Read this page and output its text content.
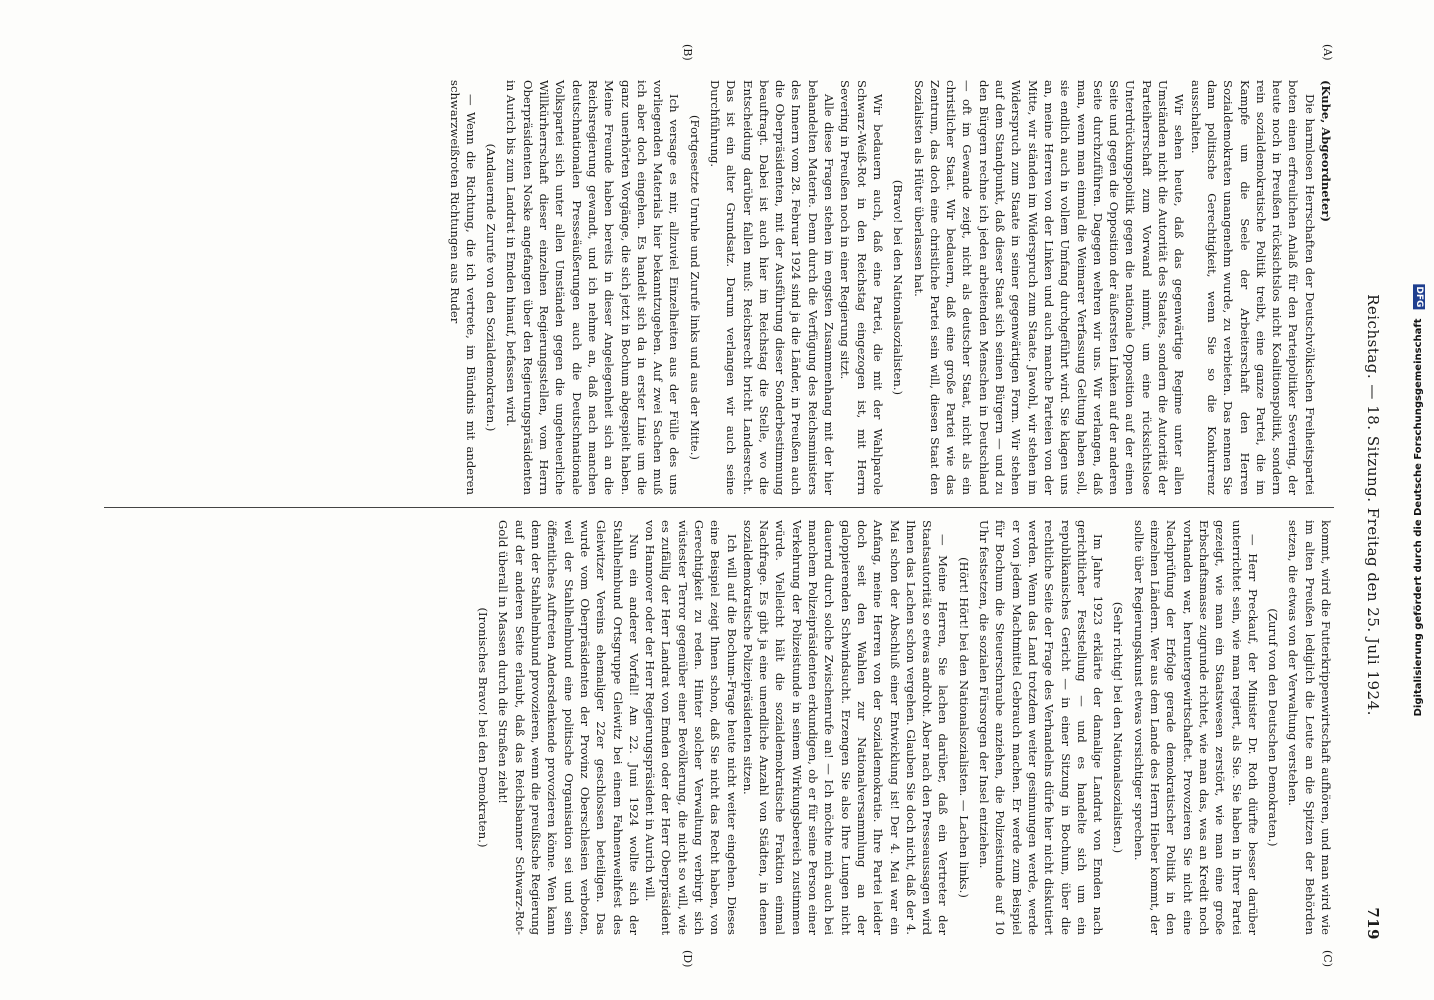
Reichstag. — 18. Sitzung. Freitag den 25. Juli 1924.
719
(A)
(B)
(C)
(D)

(Kube, Abgeordneter)

Die harmlosen Herrschaften der Deutschvölkischen Freiheitspartei boten einen erfreulichen Anlaß für den Parteipolitiker Severing, der heute noch in Preußen rücksichtslos nicht Koalitionspolitik, sondern rein sozialdemokratische Politik treibt, eine ganze Partei, die im Kampfe um die Seele der Arbeiterschaft den Herren Sozialdemokraten unangenehm wurde, zu verbieten. Das nennen Sie dann politische Gerechtigkeit, wenn Sie so die Konkurrenz ausschalten.

Wir sehen heute, daß das gegenwärtige Regime unter allen Umständen nicht die Autorität des Staates, sondern die Autorität der Parteiherrschaft zum Vorwand nimmt, um eine rücksichtslose Unterdrückungspolitik gegen die nationale Opposition auf der einen Seite und gegen die Opposition der äußersten Linken auf der anderen Seite durchzuführen. Dagegen wehren wir uns. Wir verlangen, daß man, wenn man einmal die Weimarer Verfassung Geltung haben soll, sie endlich auch in vollem Umfang durchgeführt wird. Sie klagen uns an, meine Herren von der Linken und auch manche Parteien von der Mitte, wir ständen im Widerspruch zum Staate. Jawohl, wir stehen im Widerspruch zum Staate in seiner gegenwärtigen Form. Wir stehen auf dem Standpunkt, daß dieser Staat sich seinen Bürgern — und zu den Bürgern rechne ich jeden arbeitenden Menschen in Deutschland — oft im Gewande zeigt, nicht als deutscher Staat, nicht als ein christlicher Staat. Wir bedauern, daß eine große Partei wie das Zentrum, das doch eine christliche Partei sein will, diesen Staat den Sozialisten als Hüter überlassen hat.

(Bravo! bei den Nationalsozialisten.)

Wir bedauern auch, daß eine Partei, die mit der Wahlparole Schwarz-Weiß-Rot in den Reichstag eingezogen ist, mit Herrn Severing in Preußen noch in einer Regierung sitzt.

Alle diese Fragen stehen im engsten Zusammenhang mit der hier behandelten Materie. Denn durch die Verfügung des Reichsministers des Innern vom 28. Februar 1924 sind ja die Länder, in Preußen auch die Oberpräsidenten, mit der Ausführung dieser Sonderbestimmung beauftragt. Dabei ist auch hier im Reichstag die Stelle, wo die Entscheidung darüber fallen muß: Reichsrecht bricht Landesrecht. Das ist ein alter Grundsatz. Darum verlangen wir auch seine Durchführung.

(Fortgesetzte Unruhe und Zurufe links und aus der Mitte.)

Ich versage es mir, allzuviel Einzelheiten aus der Fülle des uns vorliegenden Materials hier bekanntzugeben. Auf zwei Sachen muß ich aber doch eingehen. Es handelt sich da in erster Linie um die ganz unerhörten Vorgänge, die sich jetzt in Bochum abgespielt haben. Meine Freunde haben bereits in dieser Angelegenheit sich an die Reichsregierung gewandt, und ich nehme an, daß nach manchen deutschnationalen Presseäußerungen auch die Deutschnationale Volkspartei sich unter allen Umständen gegen die ungeheuerliche Willkürherrschaft dieser einzelnen Regierungsstellen, vom Herrn Oberpräsidenten Noske angefangen über den Regierungspräsidenten in Aurich bis zum Landrat in Emden hinauf, befassen wird.

(Andauernde Zurufe von den Sozialdemokraten.)

— Wenn die Richtung, die ich vertrete, im Bündnis mit anderen schwarzweißroten Richtungen aus Ruder

kommt, wird die Futterkrippenwirtschaft aufhören, und man wird wie im alten Preußen lediglich die Leute an die Spitzen der Behörden setzen, die etwas von der Verwaltung verstehen.

(Zuruf von den Deutschen Demokraten.)

— Herr Preckauf, der Minister Dr. Roth dürfte besser darüber unterrichtet sein, wie man regiert, als Sie. Sie haben in Ihrer Partei gezeigt, wie man ein Staatswesen zerstört, wie man eine große Erbschaftsmasse zugrunde richtet, wie man das, was an Kredit noch vorhanden war, heruntergewirtschaftet. Provozieren Sie nicht eine Nachprüfung der Erfolge gerade demokratischer Politik in den einzelnen Ländern. Wer aus dem Lande des Herrn Hieber kommt, der sollte über Regierungskunst etwas vorsichtiger sprechen.

(Sehr richtig! bei den Nationalsozialisten.)

Im Jahre 1923 erklärte der damalige Landrat von Emden nach gerichtlicher Feststellung — und es handelte sich um ein republikanisches Gericht — in einer Sitzung in Bochum, über die rechtliche Seite der Frage des Verhandelns dürfe hier nicht diskutiert werden. Wenn das Land trotzdem weiter gesinnungen werde, werde er von jedem Machtmittel Gebrauch machen. Er werde zum Beispiel für Bochum die Steuerschraube anziehen, die Polizeistunde auf 10 Uhr festsetzen, die sozialen Fürsorgen der Insel entziehen.

(Hört! Hört! bei den Nationalsozialisten. — Lachen links.)

— Meine Herren, Sie lachen darüber, daß ein Vertreter der Staatsautorität so etwas androht. Aber nach den Presseaussagen wird Ihnen das Lachen schon vergehen. Glauben Sie doch nicht, daß der 4. Mai schon der Abschluß einer Entwicklung ist! Der 4. Mai war ein Anfang, meine Herren von der Sozialdemokratie. Ihre Partei leider doch seit den Wahlen zur Nationalversammlung an der galoppierenden Schwindsucht. Erzengen Sie also Ihre Lungen nicht dauernd durch solche Zwischenrufe an! — Ich möchte mich auch bei manchem Polizeipräsidenten erkundigen, ob er für seine Person einer Verkehrung der Polizeistunde in seinem Wirkungsbereich zustimmen würde. Vielleicht hält die sozialdemokratische Fraktion einmal Nachfrage. Es gibt ja eine unendliche Anzahl von Städten, in denen sozialdemokratische Polizeipräsidenten sitzen.

Ich will auf die Bochum-Frage heute nicht weiter eingehen. Dieses eine Beispiel zeigt Ihnen schon, daß Sie nicht das Recht haben, von Gerechtigkeit zu reden. Hinter solcher Verwaltung verbirgt sich wüstester Terror gegenüber einer Bevölkerung, die nicht so will, wie es zufällig der Herr Landrat von Emden oder der Herr Oberpräsident von Hannover oder der Herr Regierungspräsident in Aurich will.

Nun ein anderer Vorfall! Am 22. Juni 1924 wollte sich der Stahlhelmbund Ortsgruppe Gleiwitz bei einem Fahnenweihfest des Gleiwitzer Vereins ehemaliger 22er geschlossen beteiligen. Das wurde vom Oberpräsidenten der Provinz Oberschlesien verboten, weil der Stahlhelmbund eine politische Organisation sei und sein öffentliches Auftreten Andersdenkende provozieren könne. Wen kann denn der Stahlhelmbund provozieren, wenn die preußische Regierung auf der anderen Seite erlaubt, daß das Reichsbanner Schwarz-Rot-Gold überall in Massen durch die Straßen zieht!

(Ironisches Bravo! bei den Demokraten.)

Digitalisierung gefördert durch die Deutsche Forschungsgemeinschaft DFG
